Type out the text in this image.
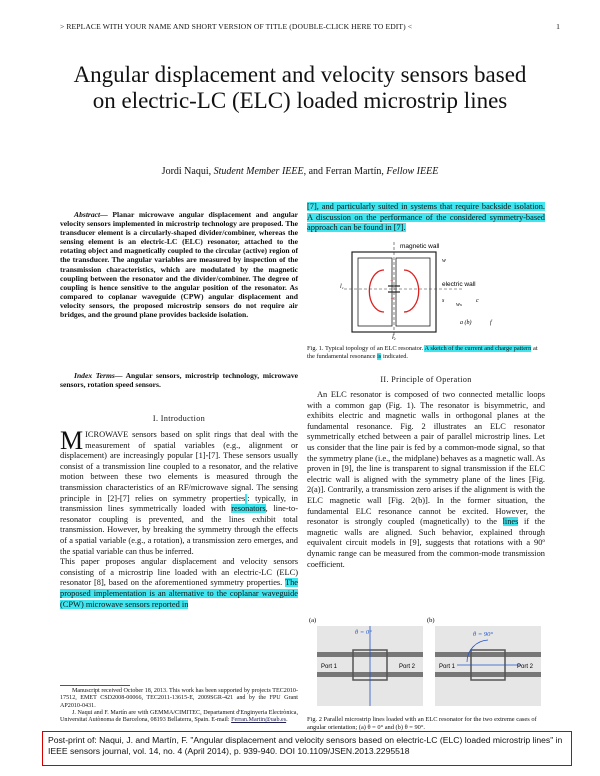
> REPLACE WITH YOUR NAME AND SHORT VERSION OF TITLE (DOUBLE-CLICK HERE TO EDIT) <	1
Angular displacement and velocity sensors based on electric-LC (ELC) loaded microstrip lines
Jordi Naqui, Student Member IEEE, and Ferran Martín, Fellow IEEE
Abstract— Planar microwave angular displacement and angular velocity sensors implemented in microstrip technology are proposed. The transducer element is a circularly-shaped divider/combiner, whereas the sensing element is an electric-LC (ELC) resonator, attached to the rotating object and magnetically coupled to the circular (active) region of the transducer. The angular variables are measured by inspection of the transmission characteristics, which are modulated by the magnetic coupling between the resonator and the divider/combiner. The degree of coupling is hence sensitive to the angular position of the resonator. As compared to coplanar waveguide (CPW) angular displacement and velocity sensors, the proposed microstrip sensors do not require air bridges, and the ground plane provides backside isolation.
Index Terms— Angular sensors, microstrip technology, microwave sensors, rotation speed sensors.
I. Introduction
MICROWAVE sensors based on split rings that deal with the measurement of spatial variables (e.g., alignment or displacement) are increasingly popular [1]-[7]. These sensors usually consist of a transmission line coupled to a resonator, and the relative motion between these two elements is measured through the transmission characteristics of an RF/microwave signal. The sensing principle in [2]-[7] relies on symmetry properties : typically, in transmission lines symmetrically loaded with resonators, line-to-resonator coupling is prevented, and the lines exhibit total transmission. However, by breaking the symmetry through the effects of a spatial variable (e.g., a rotation), a transmission zero emerges, and the spatial variable can thus be inferred.
This paper proposes angular displacement and velocity sensors consisting of a microstrip line loaded with an electric-LC (ELC) resonator [8], based on the aforementioned symmetry properties. The proposed implementation is an alternative to the coplanar waveguide (CPW) microwave sensors reported in
Manuscript received October 18, 2013. This work has been supported by projects TEC2010-17512, EMET CSD2008-00066, TEC2011-13615-E, 2009SGR-421 and by the FPU Grant AP2010-0431.
J. Naqui and F. Martín are with GEMMA/CIMITEC, Departament d'Enginyeria Electrònica, Universitat Autònoma de Barcelona, 08193 Bellaterra, Spain. E-mail: Ferran.Martin@uab.es.
[7], and particularly suited in systems that require backside isolation. A discussion on the performance of the considered symmetry-based approach can be found in [7].
+
–
magnetic wall
electric wall
l₁
l₂
w
s
wₛ
c
a (b)	f
Fig. 1. Typical topology of an ELC resonator. A sketch of the current and charge pattern at the fundamental resonance is indicated.
II. Principle of Operation
An ELC resonator is composed of two connected metallic loops with a common gap (Fig. 1). The resonator is bisymmetric, and exhibits electric and magnetic walls in orthogonal planes at the fundamental resonance. Fig. 2 illustrates an ELC resonator symmetrically etched between a pair of parallel microstrip lines. Let us consider that the line pair is fed by a common-mode signal, so that the symmetry plane (i.e., the midplane) behaves as a magnetic wall. As proven in [9], the line is transparent to signal transmission if the ELC electric wall is aligned with the symmetry plane of the lines [Fig. 2(a)]. Contrarily, a transmission zero arises if the alignment is with the ELC magnetic wall [Fig. 2(b)]. In the former situation, the fundamental ELC resonance cannot be excited. However, the resonator is strongly coupled (magnetically) to the lines if the magnetic walls are aligned. Such behavior, explained through equivalent circuit models in [9], suggests that rotations with a 90º dynamic range can be measured from the common-mode transmission coefficient.
(a)	(b)
θ = 0°
Port 1	Port 2
θ = 90°
Port 1	Port 2
Fig. 2 Parallel microstrip lines loaded with an ELC resonator for the two extreme cases of angular orientation; (a) θ = 0° and (b) θ = 90°.
Post-print of: Naqui, J. and Martín, F. "Angular displacement and velocity sensors based on electric-LC (ELC) loaded microstrip lines" in IEEE sensors journal, vol. 14, no. 4 (April 2014), p. 939-940. DOI 10.1109/JSEN.2013.2295518
